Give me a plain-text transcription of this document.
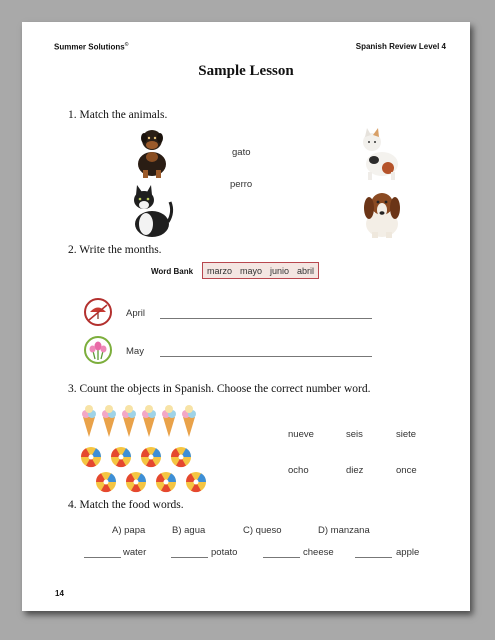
Summer Solutions©	Spanish Review Level 4
Sample Lesson
1. Match the animals.
gato
perro
2. Write the months.
Word Bank marzo mayo junio abril
April
May
3. Count the objects in Spanish. Choose the correct number word.
nueve	seis	siete
ocho	diez	once
4. Match the food words.
A) papa	B) agua	C) queso	D) manzana
water	potato	cheese	apple
14
